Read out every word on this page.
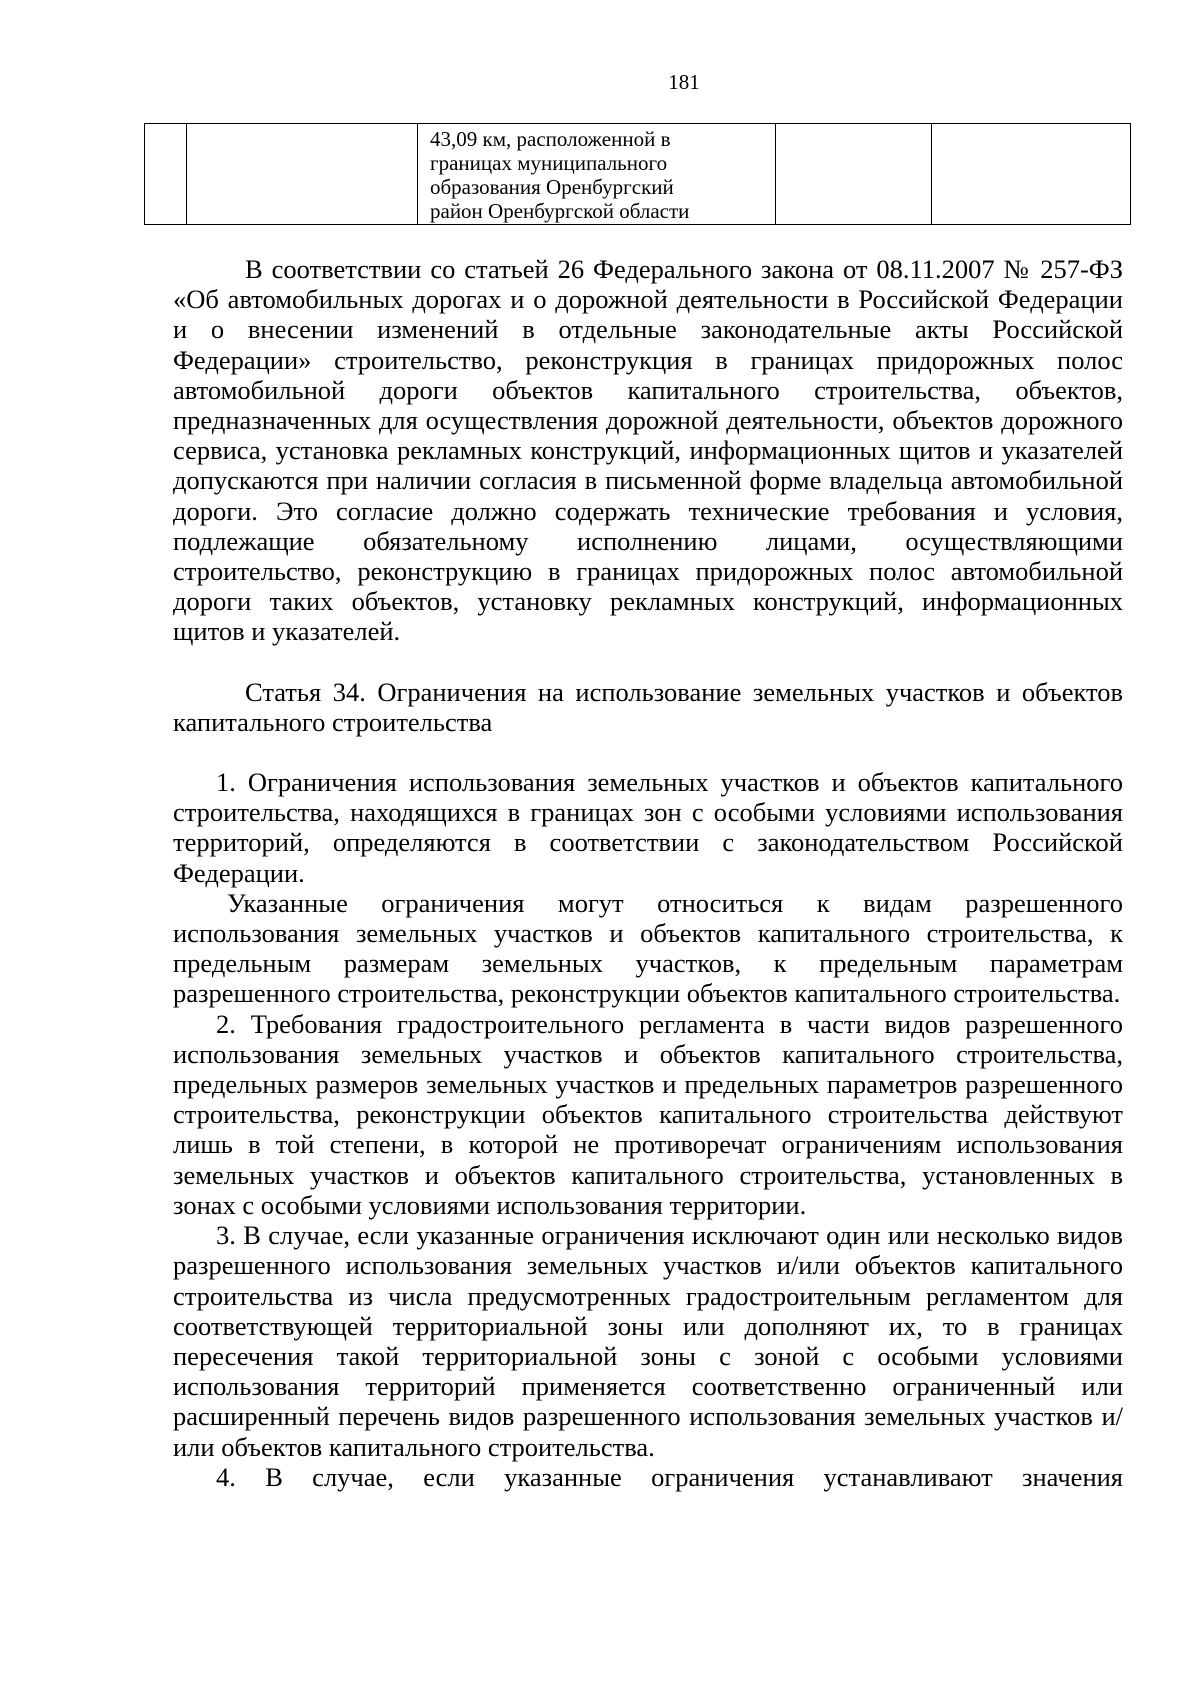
181

43,09 км, расположенной в
границах муниципального
образования Оренбургский
район Оренбургской области

В соответствии со статьей 26 Федерального закона от 08.11.2007 № 257-ФЗ «Об автомобильных дорогах и о дорожной деятельности в Российской Федерации и о внесении изменений в отдельные законодательные акты Российской Федерации» строительство, реконструкция в границах придорожных полос автомобильной дороги объектов капитального строительства, объектов, предназначенных для осуществления дорожной деятельности, объектов дорожного сервиса, установка рекламных конструкций, информационных щитов и указателей допускаются при наличии согласия в письменной форме владельца автомобильной дороги. Это согласие должно содержать технические требования и условия, подлежащие обязательному исполнению лицами, осуществляющими строительство, реконструкцию в границах придорожных полос автомобильной дороги таких объектов, установку рекламных конструкций, информационных щитов и указателей.

Статья 34. Ограничения на использование земельных участков и объектов капитального строительства

1. Ограничения использования земельных участков и объектов капитального строительства, находящихся в границах зон с особыми условиями использования территорий, определяются в соответствии с законодательством Российской Федерации.

Указанные ограничения могут относиться к видам разрешенного использования земельных участков и объектов капитального строительства, к предельным размерам земельных участков, к предельным параметрам разрешенного строительства, реконструкции объектов капитального строительства.

2. Требования градостроительного регламента в части видов разрешенного использования земельных участков и объектов капитального строительства, предельных размеров земельных участков и предельных параметров разрешенного строительства, реконструкции объектов капитального строительства действуют лишь в той степени, в которой не противоречат ограничениям использования земельных участков и объектов капитального строительства, установленных в зонах с особыми условиями использования территории.

3. В случае, если указанные ограничения исключают один или несколько видов разрешенного использования земельных участков и/или объектов капитального строительства из числа предусмотренных градостроительным регламентом для соответствующей территориальной зоны или дополняют их, то в границах пересечения такой территориальной зоны с зоной с особыми условиями использования территорий применяется соответственно ограниченный или расширенный перечень видов разрешенного использования земельных участков и/или объектов капитального строительства.

4. В случае, если указанные ограничения устанавливают значения
